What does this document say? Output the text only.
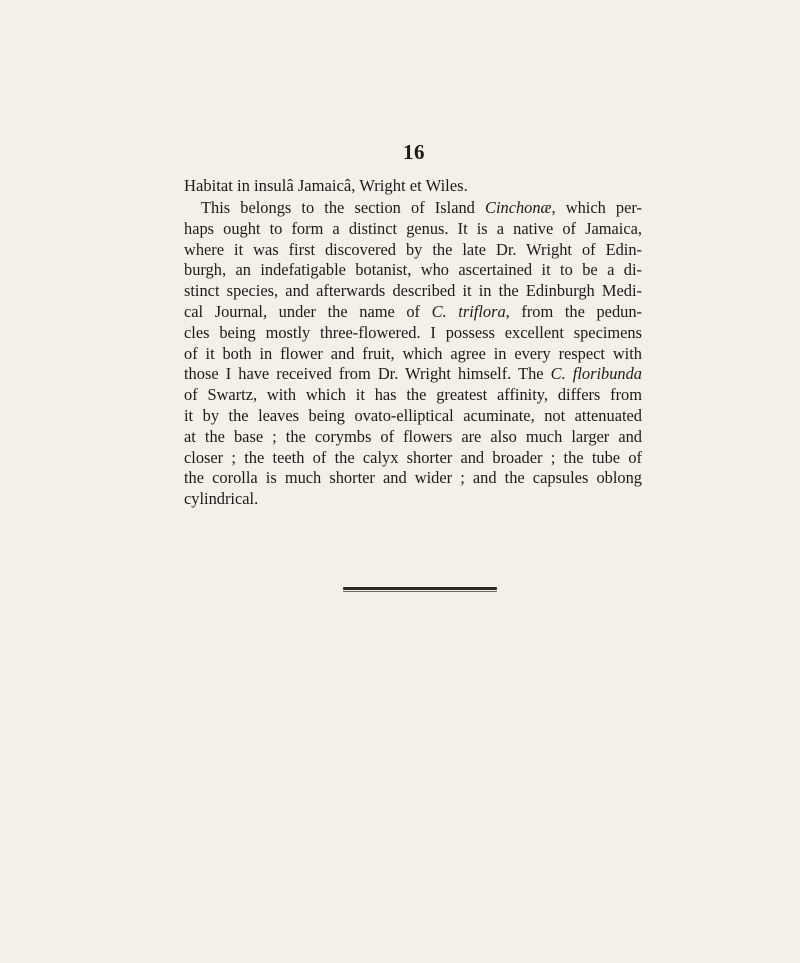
16
Habitat in insulâ Jamaicâ, Wright et Wiles.
This belongs to the section of Island Cinchonæ, which per-
haps ought to form a distinct genus. It is a native of Jamaica,
where it was first discovered by the late Dr. Wright of Edin-
burgh, an indefatigable botanist, who ascertained it to be a di-
stinct species, and afterwards described it in the Edinburgh Medi-
cal Journal, under the name of C. triflora, from the pedun-
cles being mostly three-flowered. I possess excellent specimens
of it both in flower and fruit, which agree in every respect with
those I have received from Dr. Wright himself. The C. floribunda
of Swartz, with which it has the greatest affinity, differs from
it by the leaves being ovato-elliptical acuminate, not attenuated
at the base ; the corymbs of flowers are also much larger and
closer ; the teeth of the calyx shorter and broader ; the tube of
the corolla is much shorter and wider ; and the capsules oblong
cylindrical.
